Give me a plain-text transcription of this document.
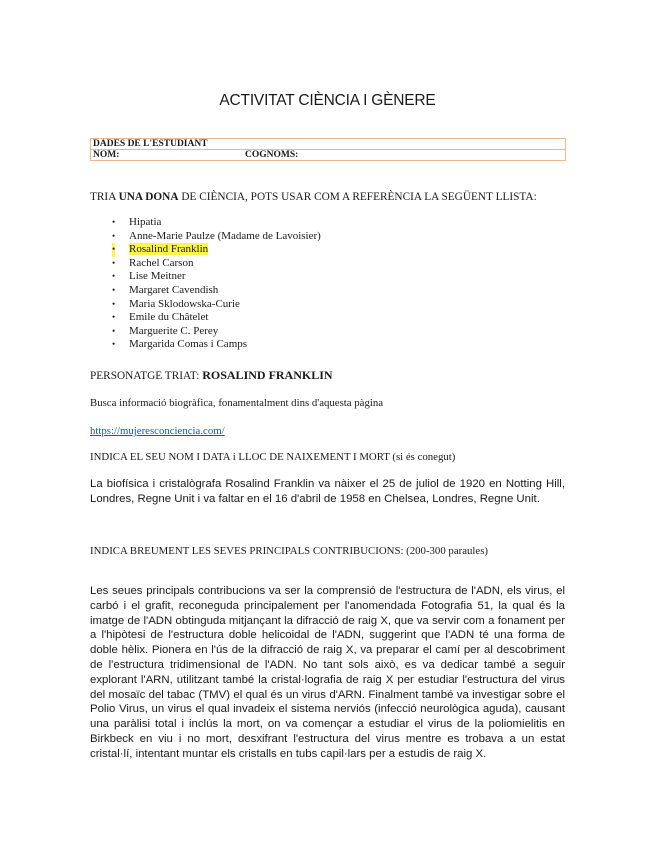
ACTIVITAT CIÈNCIA I GÈNERE
DADES DE L'ESTUDIANT

NOM:	COGNOMS:
TRIA UNA DONA DE CIÈNCIA, POTS USAR COM A REFERÈNCIA LA SEGÜENT LLISTA:
• Hipatia
• Anne-Marie Paulze (Madame de Lavoisier)
• Rosalind Franklin
• Rachel Carson
• Lise Meitner
• Margaret Cavendish
• Maria Sklodowska-Curie
• Emile du Châtelet
• Marguerite C. Perey
• Margarida Comas i Camps
PERSONATGE TRIAT: ROSALIND FRANKLIN
Busca informació biogràfica, fonamentalment dins d'aquesta pàgina
https://mujeresconciencia.com/
INDICA EL SEU NOM I DATA i LLOC DE NAIXEMENT I MORT (si és conegut)
La biofísica i cristalògrafa Rosalind Franklin va nàixer el 25 de juliol de 1920 en Notting Hill, Londres, Regne Unit i va faltar en el 16 d'abril de 1958 en Chelsea, Londres, Regne Unit.
INDICA BREUMENT LES SEVES PRINCIPALS CONTRIBUCIONS: (200-300 paraules)
Les seues principals contribucions va ser la comprensió de l'estructura de l'ADN, els virus, el carbó i el grafit, reconeguda principalement per l'anomendada Fotografia 51, la qual és la imatge de l'ADN obtinguda mitjançant la difracció de raig X, que va servir com a fonament per a l'hipòtesi de l'estructura doble helicoidal de l'ADN, suggerint que l'ADN té una forma de doble hèlix. Pionera en l'ús de la difracció de raig X, va preparar el camí per al descobriment de l'estructura tridimensional de l'ADN. No tant sols això, es va dedicar també a seguir explorant l'ARN, utilitzant també la cristal·lografia de raig X per estudiar l'estructura del virus del mosaïc del tabac (TMV) el qual és un virus d'ARN. Finalment també va investigar sobre el Polio Virus, un virus el qual invadeix el sistema nerviós (infecció neurològica aguda), causant una paràlisi total i inclús la mort, on va començar a estudiar el virus de la poliomielitis en Birkbeck en viu i no mort, desxifrant l'estructura del virus mentre es trobava a un estat cristal·lí, intentant muntar els cristalls en tubs capil·lars per a estudis de raig X.
